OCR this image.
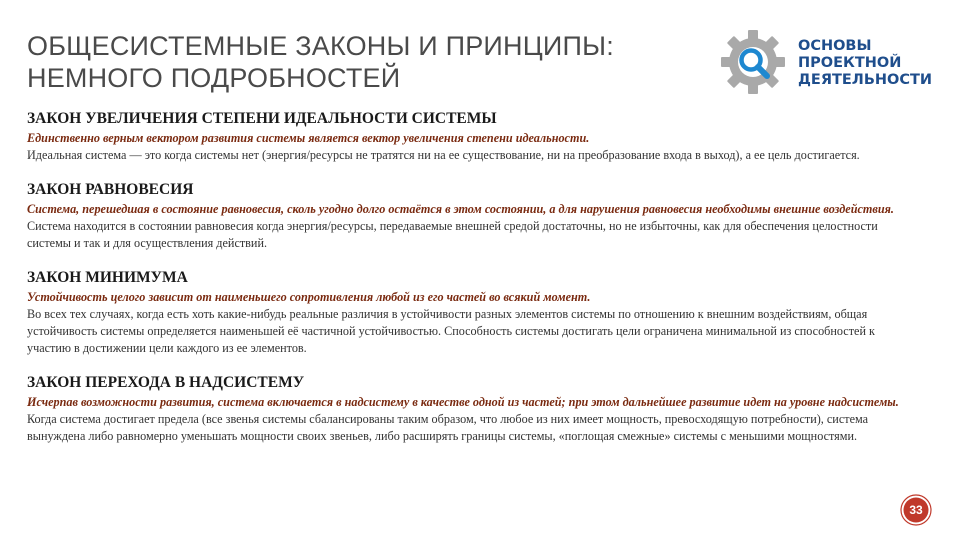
ОБЩЕСИСТЕМНЫЕ ЗАКОНЫ И ПРИНЦИПЫ:
НЕМНОГО ПОДРОБНОСТЕЙ
ОСНОВЫ
ПРОЕКТНОЙ
ДЕЯТЕЛЬНОСТИ
ЗАКОН УВЕЛИЧЕНИЯ СТЕПЕНИ ИДЕАЛЬНОСТИ СИСТЕМЫ
Единственно верным вектором развития системы является вектор увеличения степени идеальности.
Идеальная система — это когда системы нет (энергия/ресурсы не тратятся ни на ее существование, ни на преобразование входа в выход), а ее цель достигается.
ЗАКОН РАВНОВЕСИЯ
Система, перешедшая в состояние равновесия, сколь угодно долго остаётся в этом состоянии, а для нарушения равновесия необходимы внешние воздействия.
Система находится в состоянии равновесия когда энергия/ресурсы, передаваемые внешней средой достаточны, но не избыточны, как для обеспечения целостности системы и так и для осуществления действий.
ЗАКОН МИНИМУМА
Устойчивость целого зависит от наименьшего сопротивления любой из его частей во всякий момент.
Во всех тех случаях, когда есть хоть какие-нибудь реальные различия в устойчивости разных элементов системы по отношению к внешним воздействиям, общая устойчивость системы определяется наименьшей её частичной устойчивостью. Способность системы достигать цели ограничена минимальной из способностей к участию в достижении цели каждого из ее элементов.
ЗАКОН ПЕРЕХОДА В НАДСИСТЕМУ
Исчерпав возможности развития, система включается в надсистему в качестве одной из частей; при этом дальнейшее развитие идет на уровне надсистемы.
Когда система достигает предела (все звенья системы сбалансированы таким образом, что любое из них имеет мощность, превосходящую потребности), система вынуждена либо равномерно уменьшать мощности своих звеньев, либо расширять границы системы, «поглощая смежные» системы с меньшими мощностями.
33
